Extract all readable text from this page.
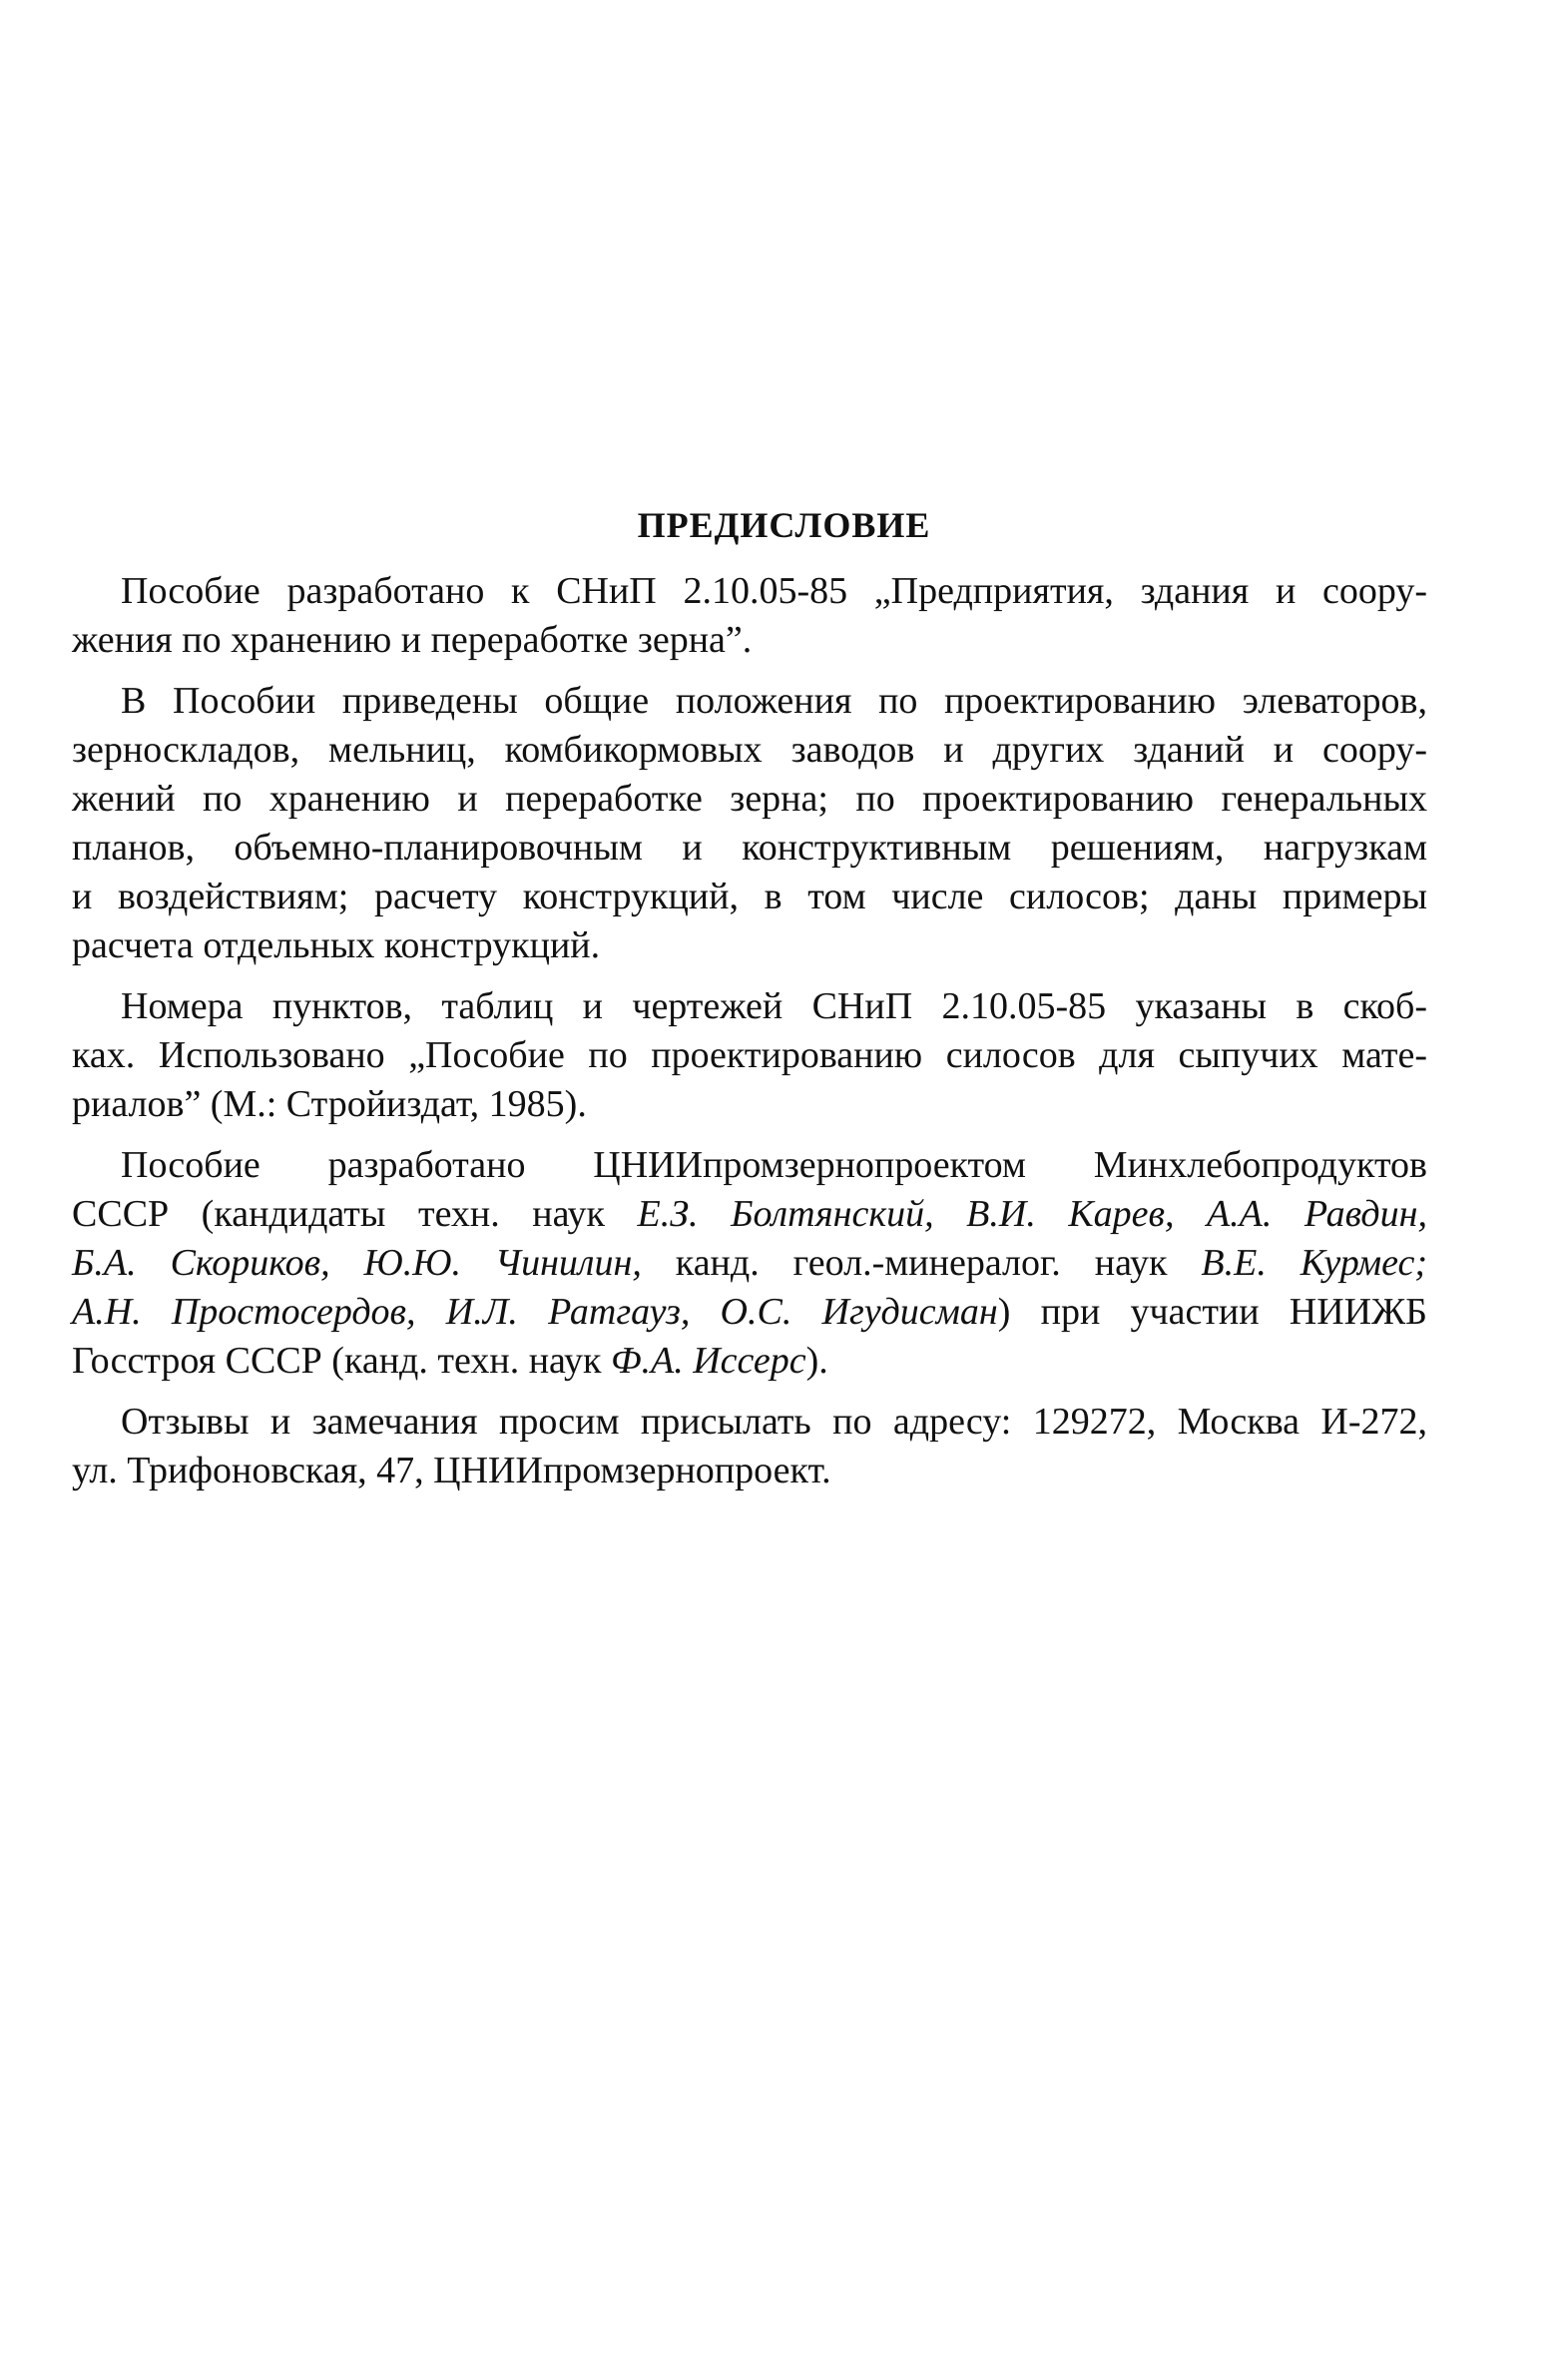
ПРЕДИСЛОВИЕ
Пособие разработано к СНиП 2.10.05-85 „Предприятия, здания и соору-
жения по хранению и переработке зерна”.
В Пособии приведены общие положения по проектированию элеваторов,
зерноскладов, мельниц, комбикормовых заводов и других зданий и соору-
жений по хранению и переработке зерна; по проектированию генеральных
планов, объемно-планировочным и конструктивным решениям, нагрузкам
и воздействиям; расчету конструкций, в том числе силосов; даны примеры
расчета отдельных конструкций.
Номера пунктов, таблиц и чертежей СНиП 2.10.05-85 указаны в скоб-
ках. Использовано „Пособие по проектированию силосов для сыпучих мате-
риалов” (М.: Стройиздат, 1985).
Пособие разработано ЦНИИпромзернопроектом Минхлебопродуктов
СССР (кандидаты техн. наук Е.З. Болтянский, В.И. Карев, А.А. Равдин,
Б.А. Скориков, Ю.Ю. Чинилин, канд. геол.-минералог. наук В.Е. Курмес;
А.Н. Простосердов, И.Л. Ратгауз, О.С. Игудисман) при участии НИИЖБ
Госстроя СССР (канд. техн. наук Ф.А. Иссерс).
Отзывы и замечания просим присылать по адресу: 129272, Москва И-272,
ул. Трифоновская, 47, ЦНИИпромзернопроект.
